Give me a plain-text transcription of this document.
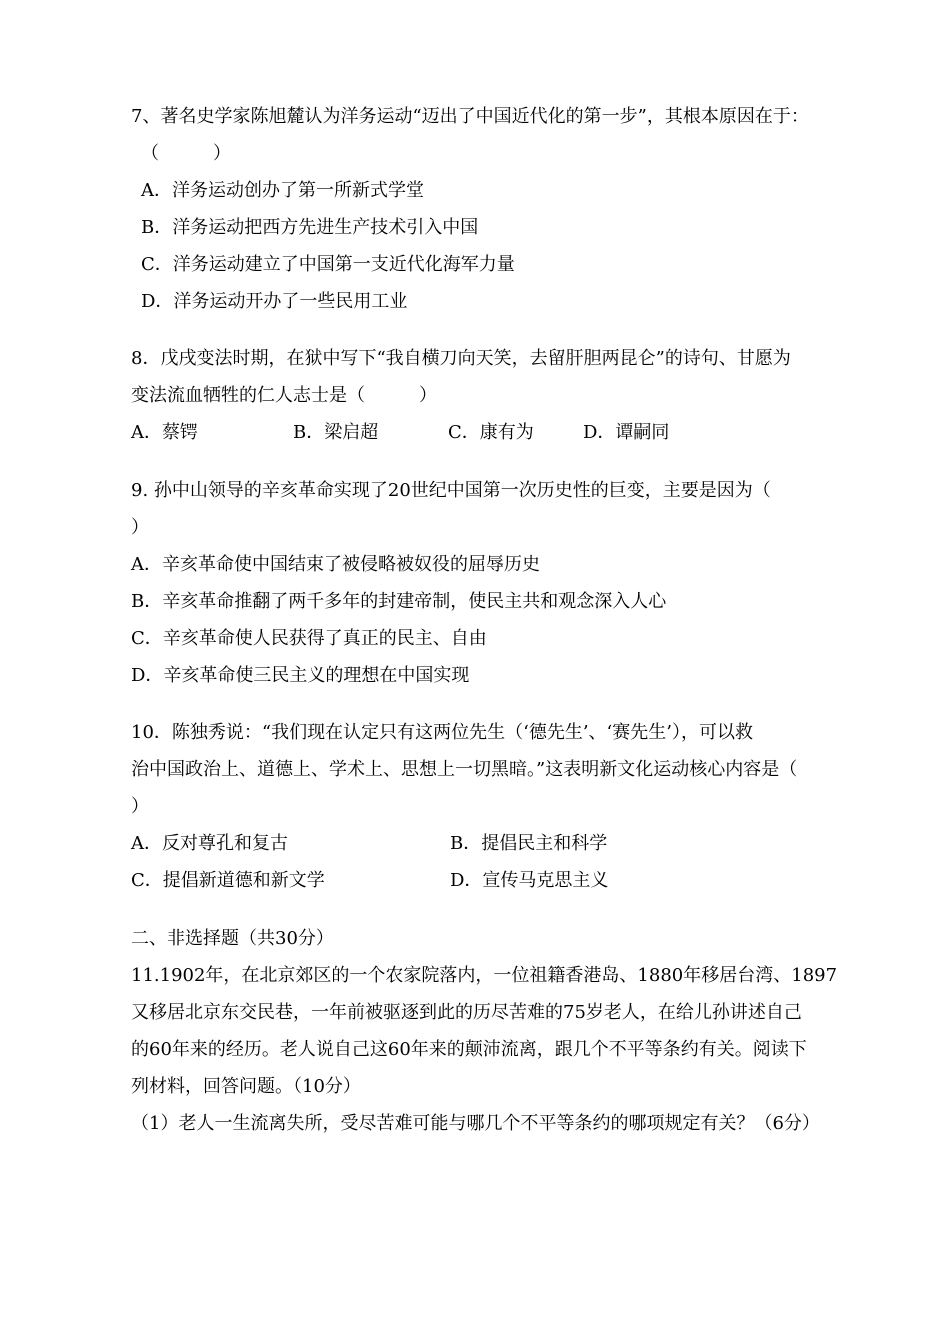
7、著名史学家陈旭麓认为洋务运动“迈出了中国近代化的第一步”，其根本原因在于：
（　　　）
A．洋务运动创办了第一所新式学堂
B．洋务运动把西方先进生产技术引入中国
C．洋务运动建立了中国第一支近代化海军力量
D．洋务运动开办了一些民用工业
8．戊戌变法时期，在狱中写下“我自横刀向天笑，去留肝胆两昆仑”的诗句、甘愿为
变法流血牺牲的仁人志士是（　　　）
A．蔡锷	B．梁启超	C．康有为	D．谭嗣同
9. 孙中山领导的辛亥革命实现了20世纪中国第一次历史性的巨变，主要是因为（
）
A．辛亥革命使中国结束了被侵略被奴役的屈辱历史
B．辛亥革命推翻了两千多年的封建帝制，使民主共和观念深入人心
C．辛亥革命使人民获得了真正的民主、自由
D．辛亥革命使三民主义的理想在中国实现
10．陈独秀说：“我们现在认定只有这两位先生（‘德先生’、‘赛先生’），可以救
治中国政治上、道德上、学术上、思想上一切黑暗。”这表明新文化运动核心内容是（
）
A．反对尊孔和复古	B．提倡民主和科学
C．提倡新道德和新文学	D．宣传马克思主义
二、非选择题（共30分）
11.1902年，在北京郊区的一个农家院落内，一位祖籍香港岛、1880年移居台湾、1897
又移居北京东交民巷，一年前被驱逐到此的历尽苦难的75岁老人，在给儿孙讲述自己
的60年来的经历。老人说自己这60年来的颠沛流离，跟几个不平等条约有关。阅读下
列材料，回答问题。（10分）
（1）老人一生流离失所，受尽苦难可能与哪几个不平等条约的哪项规定有关？（6分）
